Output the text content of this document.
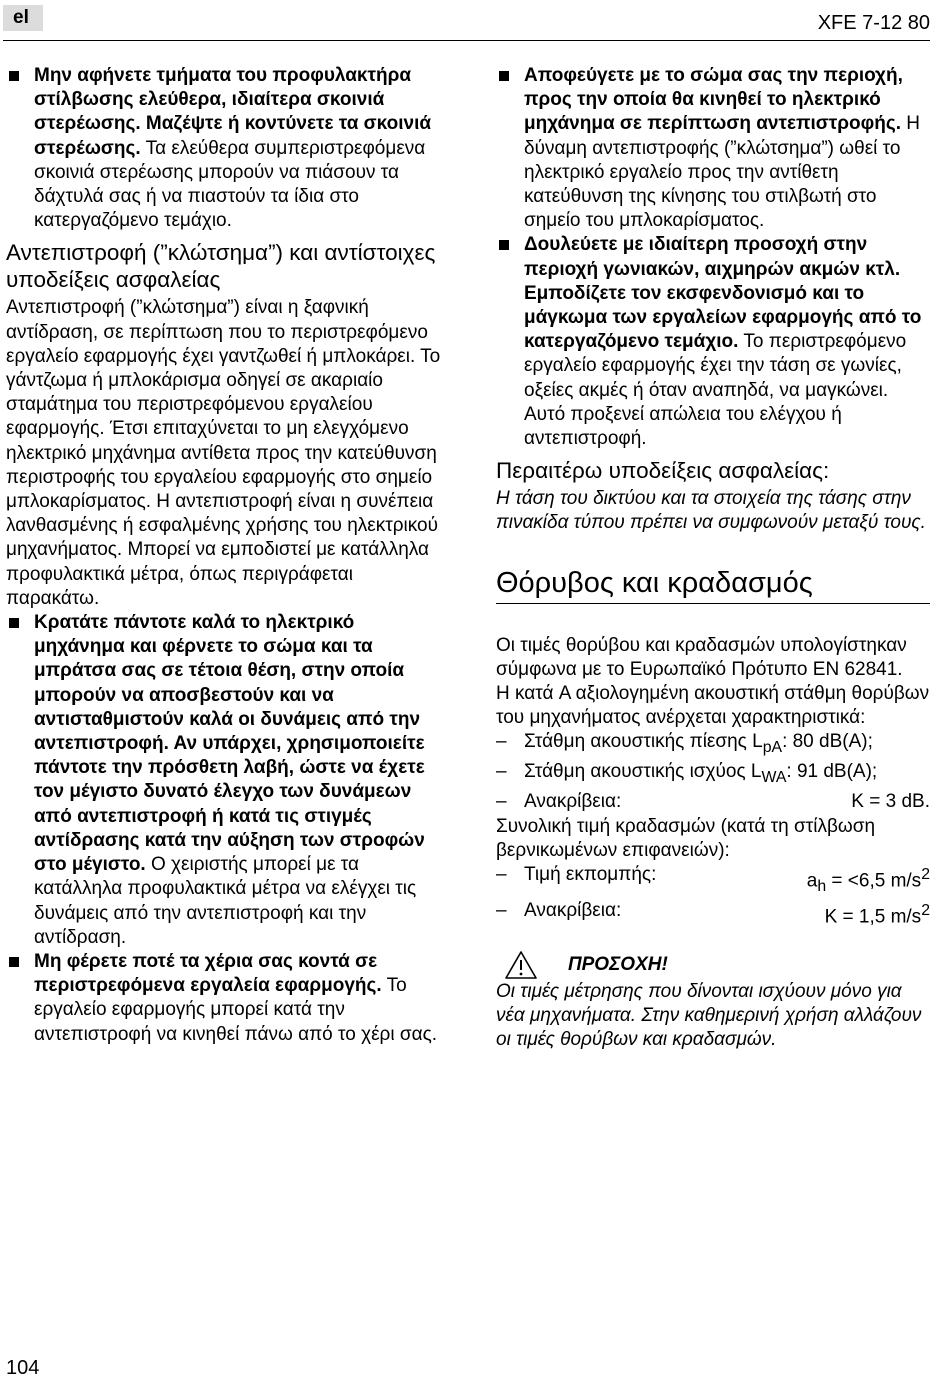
el	XFE 7-12 80

Μην αφήνετε τμήματα του προφυλακτήρα στίλβωσης ελεύθερα, ιδιαίτερα σκοινιά στερέωσης. Μαζέψτε ή κοντύνετε τα σκοινιά στερέωσης. Τα ελεύθερα συμπεριστρεφόμενα σκοινιά στερέωσης μπορούν να πιάσουν τα δάχτυλά σας ή να πιαστούν τα ίδια στο κατεργαζόμενο τεμάχιο.

Αντεπιστροφή (”κλώτσημα”) και αντίστοιχες υποδείξεις ασφαλείας

Αντεπιστροφή (”κλώτσημα”) είναι η ξαφνική αντίδραση, σε περίπτωση που το περιστρεφόμενο εργαλείο εφαρμογής έχει γαντζωθεί ή μπλοκάρει. Το γάντζωμα ή μπλοκάρισμα οδηγεί σε ακαριαίο σταμάτημα του περιστρεφόμενου εργαλείου εφαρμογής. Έτσι επιταχύνεται το μη ελεγχόμενο ηλεκτρικό μηχάνημα αντίθετα προς την κατεύθυνση περιστροφής του εργαλείου εφαρμογής στο σημείο μπλοκαρίσματος. Η αντεπιστροφή είναι η συνέπεια λανθασμένης ή εσφαλμένης χρήσης του ηλεκτρικού μηχανήματος. Μπορεί να εμποδιστεί με κατάλληλα προφυλακτικά μέτρα, όπως περιγράφεται παρακάτω.

Κρατάτε πάντοτε καλά το ηλεκτρικό μηχάνημα και φέρνετε το σώμα και τα μπράτσα σας σε τέτοια θέση, στην οποία μπορούν να αποσβεστούν και να αντισταθμιστούν καλά οι δυνάμεις από την αντεπιστροφή. Αν υπάρχει, χρησιμοποιείτε πάντοτε την πρόσθετη λαβή, ώστε να έχετε τον μέγιστο δυνατό έλεγχο των δυνάμεων από αντεπιστροφή ή κατά τις στιγμές αντίδρασης κατά την αύξηση των στροφών στο μέγιστο. Ο χειριστής μπορεί με τα κατάλληλα προφυλακτικά μέτρα να ελέγχει τις δυνάμεις από την αντεπιστροφή και την αντίδραση.

Μη φέρετε ποτέ τα χέρια σας κοντά σε περιστρεφόμενα εργαλεία εφαρμογής. Το εργαλείο εφαρμογής μπορεί κατά την αντεπιστροφή να κινηθεί πάνω από το χέρι σας.

Αποφεύγετε με το σώμα σας την περιοχή, προς την οποία θα κινηθεί το ηλεκτρικό μηχάνημα σε περίπτωση αντεπιστροφής. Η δύναμη αντεπιστροφής (”κλώτσημα”) ωθεί το ηλεκτρικό εργαλείο προς την αντίθετη κατεύθυνση της κίνησης του στιλβωτή στο σημείο του μπλοκαρίσματος.

Δουλεύετε με ιδιαίτερη προσοχή στην περιοχή γωνιακών, αιχμηρών ακμών κτλ. Εμποδίζετε τον εκσφενδονισμό και το μάγκωμα των εργαλείων εφαρμογής από το κατεργαζόμενο τεμάχιο. Το περιστρεφόμενο εργαλείο εφαρμογής έχει την τάση σε γωνίες, οξείες ακμές ή όταν αναπηδά, να μαγκώνει. Αυτό προξενεί απώλεια του ελέγχου ή αντεπιστροφή.

Περαιτέρω υποδείξεις ασφαλείας:

Η τάση του δικτύου και τα στοιχεία της τάσης στην πινακίδα τύπου πρέπει να συμφωνούν μεταξύ τους.

Θόρυβος και κραδασμός

Οι τιμές θορύβου και κραδασμών υπολογίστηκαν σύμφωνα με το Ευρωπαϊκό Πρότυπο EN 62841.

Η κατά A αξιολογημένη ακουστική στάθμη θορύβων του μηχανήματος ανέρχεται χαρακτηριστικά:

– Στάθμη ακουστικής πίεσης $L_{pA}$: 80 dB(A);
– Στάθμη ακουστικής ισχύος $L_{WA}$: 91 dB(A);
– Ανακρίβεια:	K = 3 dB.

Συνολική τιμή κραδασμών (κατά τη στίλβωση βερνικωμένων επιφανειών):

– Τιμή εκπομπής:	$a_h = <6,5$ $m/s^2$
– Ανακρίβεια:	K = 1,5 $m/s^2$
ΠΡΟΣΟΧΗ!

Οι τιμές μέτρησης που δίνονται ισχύουν μόνο για νέα μηχανήματα. Στην καθημερινή χρήση αλλάζουν οι τιμές θορύβων και κραδασμών.

104
